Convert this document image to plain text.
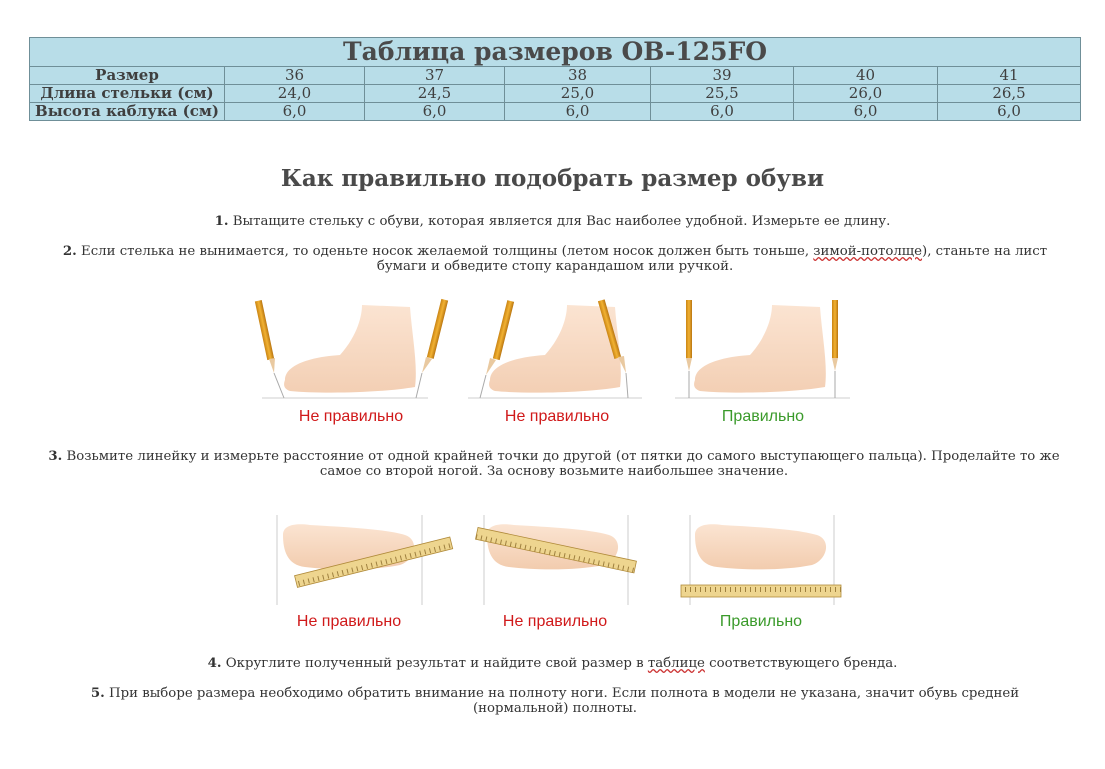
Таблица размеров OB-125FO						
Размер	36	37	38	39	40	41
Длина стельки (см)	24,0	24,5	25,0	25,5	26,0	26,5
Высота каблука (см)	6,0	6,0	6,0	6,0	6,0	6,0
Как правильно подобрать размер обуви
1. Вытащите стельку с обуви, которая является для Вас наиболее удобной. Измерьте ее длину.
2. Если стелька не вынимается, то оденьте носок желаемой толщины (летом носок должен быть тоньше, зимой-потолще), станьте на лист бумаги и обведите стопу карандашом или ручкой.
Не правильно	Не правильно	Правильно
3. Возьмите линейку и измерьте расстояние от одной крайней точки до другой (от пятки до самого выступающего пальца). Проделайте то же самое со второй ногой. За основу возьмите наибольшее значение.
Не правильно	Не правильно	Правильно
4. Округлите полученный результат и найдите свой размер в таблице соответствующего бренда.
5. При выборе размера необходимо обратить внимание на полноту ноги. Если полнота в модели не указана, значит обувь средней (нормальной) полноты.
